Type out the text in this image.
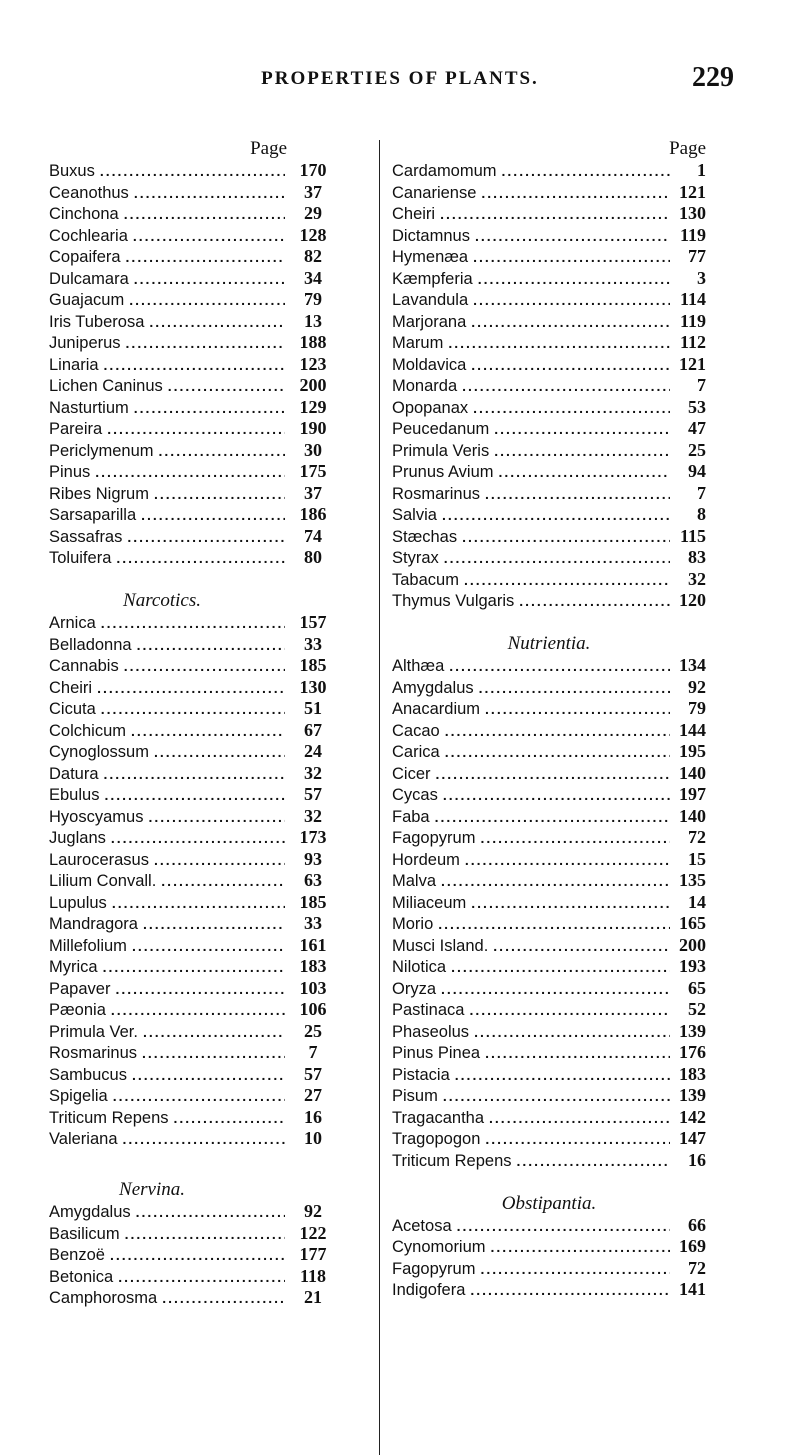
PROPERTIES OF PLANTS.	229
Page
Buxus .....	170
Ceanothus .....	37
Cinchona .....	29
Cochlearia .....	128
Copaifera .....	82
Dulcamara .....	34
Guajacum .....	79
Iris Tuberosa .....	13
Juniperus .....	188
Linaria .....	123
Lichen Caninus .....	200
Nasturtium .....	129
Pareira .....	190
Periclymenum .....	30
Pinus .....	175
Ribes Nigrum .....	37
Sarsaparilla .....	186
Sassafras .....	74
Toluifera .....	80
Narcotics.
Arnica .....	157
Belladonna .....	33
Cannabis .....	185
Cheiri .....	130
Cicuta .....	51
Colchicum .....	67
Cynoglossum .....	24
Datura .....	32
Ebulus .....	57
Hyoscyamus .....	32
Juglans .....	173
Laurocerasus .....	93
Lilium Convall. .....	63
Lupulus .....	185
Mandragora .....	33
Millefolium .....	161
Myrica .....	183
Papaver .....	103
Pæonia .....	106
Primula Ver. .....	25
Rosmarinus .....	7
Sambucus .....	57
Spigelia .....	27
Triticum Repens .....	16
Valeriana .....	10
Nervina.
Amygdalus .....	92
Basilicum .....	122
Benzoë .....	177
Betonica .....	118
Camphorosma .....	21
Page
Cardamomum .....	1
Canariense .....	121
Cheiri .....	130
Dictamnus .....	119
Hymenæa .....	77
Kæmpferia .....	3
Lavandula .....	114
Marjorana .....	119
Marum .....	112
Moldavica .....	121
Monarda .....	7
Opopanax .....	53
Peucedanum .....	47
Primula Veris .....	25
Prunus Avium .....	94
Rosmarinus .....	7
Salvia .....	8
Stæchas .....	115
Styrax .....	83
Tabacum .....	32
Thymus Vulgaris .....	120
Nutrientia.
Althæa .....	134
Amygdalus .....	92
Anacardium .....	79
Cacao .....	144
Carica .....	195
Cicer .....	140
Cycas .....	197
Faba .....	140
Fagopyrum .....	72
Hordeum .....	15
Malva .....	135
Miliaceum .....	14
Morio .....	165
Musci Island. .....	200
Nilotica .....	193
Oryza .....	65
Pastinaca .....	52
Phaseolus .....	139
Pinus Pinea .....	176
Pistacia .....	183
Pisum .....	139
Tragacantha .....	142
Tragopogon .....	147
Triticum Repens .....	16
Obstipantia.
Acetosa .....	66
Cynomorium .....	169
Fagopyrum .....	72
Indigofera .....	141
